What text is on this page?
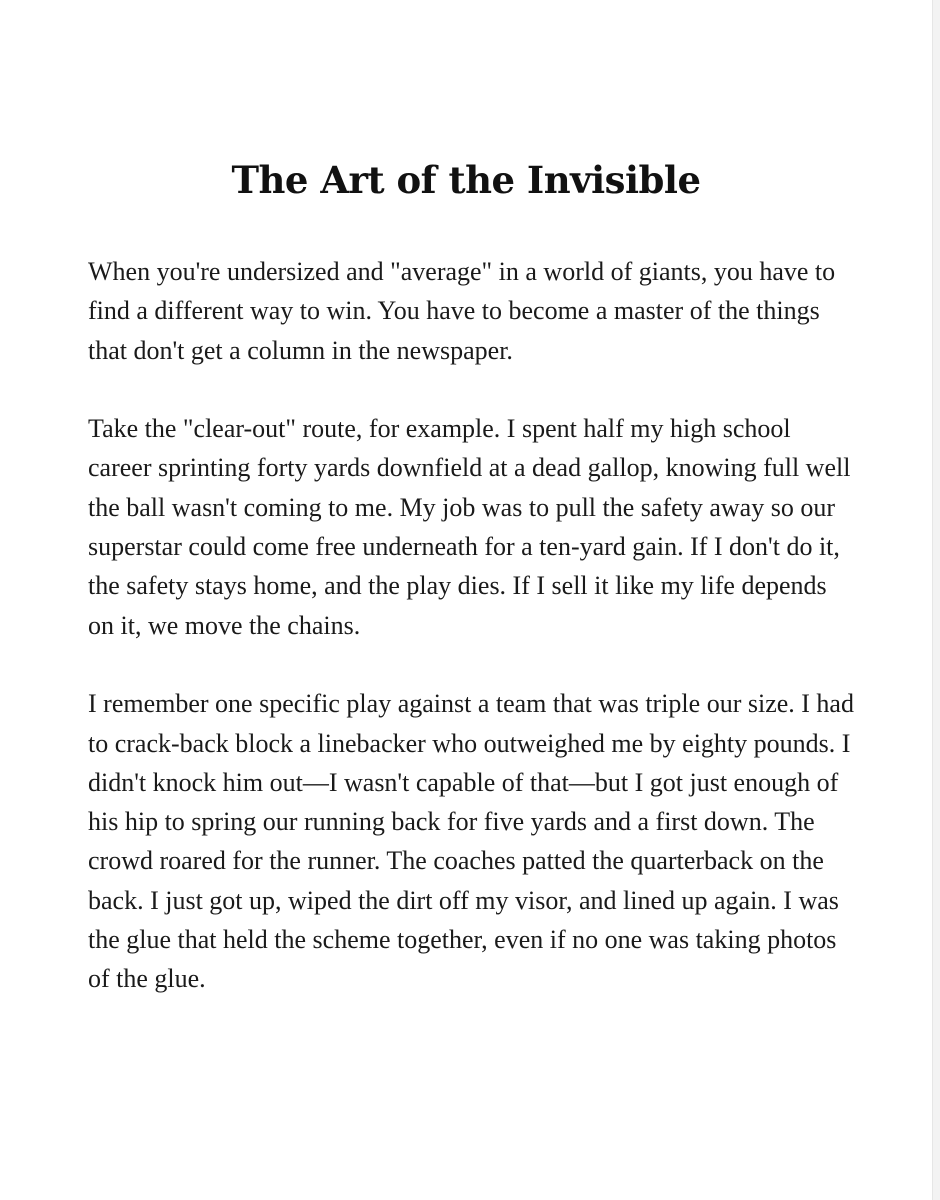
The Art of the Invisible

When you're undersized and "average" in a world of giants, you have to find a different way to win. You have to become a master of the things that don't get a column in the newspaper.

Take the "clear-out" route, for example. I spent half my high school career sprinting forty yards downfield at a dead gallop, knowing full well the ball wasn't coming to me. My job was to pull the safety away so our superstar could come free underneath for a ten-yard gain. If I don't do it, the safety stays home, and the play dies. If I sell it like my life depends on it, we move the chains.

I remember one specific play against a team that was triple our size. I had to crack-back block a linebacker who outweighed me by eighty pounds. I didn't knock him out—I wasn't capable of that—but I got just enough of his hip to spring our running back for five yards and a first down. The crowd roared for the runner. The coaches patted the quarterback on the back. I just got up, wiped the dirt off my visor, and lined up again. I was the glue that held the scheme together, even if no one was taking photos of the glue.
